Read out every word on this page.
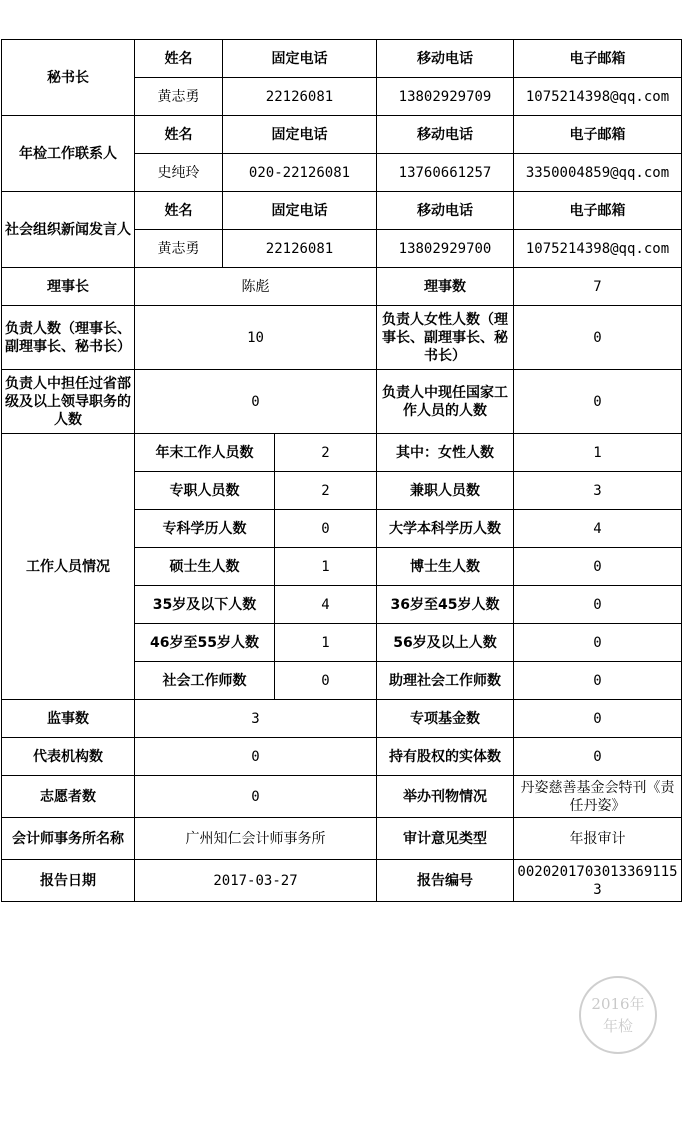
秘书长	姓名	固定电话		移动电话	电子邮箱
	黄志勇	22126081		13802929709	1075214398@qq.com
年检工作联系人	姓名	固定电话		移动电话	电子邮箱
	史纯玲	020-22126081		13760661257	3350004859@qq.com
社会组织新闻发言人	姓名	固定电话		移动电话	电子邮箱
	黄志勇	22126081		13802929700	1075214398@qq.com
理事长	陈彪			理事数	7
负责人数（理事长、副理事长、秘书长）	10			负责人女性人数（理事长、副理事长、秘书长）	0
负责人中担任过省部级及以上领导职务的人数	0			负责人中现任国家工作人员的人数	0
工作人员情况	年末工作人员数		2	其中：女性人数	1
	专职人员数		2	兼职人员数	3
	专科学历人数		0	大学本科学历人数	4
	硕士生人数		1	博士生人数	0
	35岁及以下人数		4	36岁至45岁人数	0
	46岁至55岁人数		1	56岁及以上人数	0
	社会工作师数		0	助理社会工作师数	0
监事数	3			专项基金数	0
代表机构数	0			持有股权的实体数	0
志愿者数	0			举办刊物情况	丹姿慈善基金会特刊《责任丹姿》
会计师事务所名称	广州知仁会计师事务所			审计意见类型	年报审计
报告日期	2017-03-27			报告编号	00202017030133691153
2016年
年检
